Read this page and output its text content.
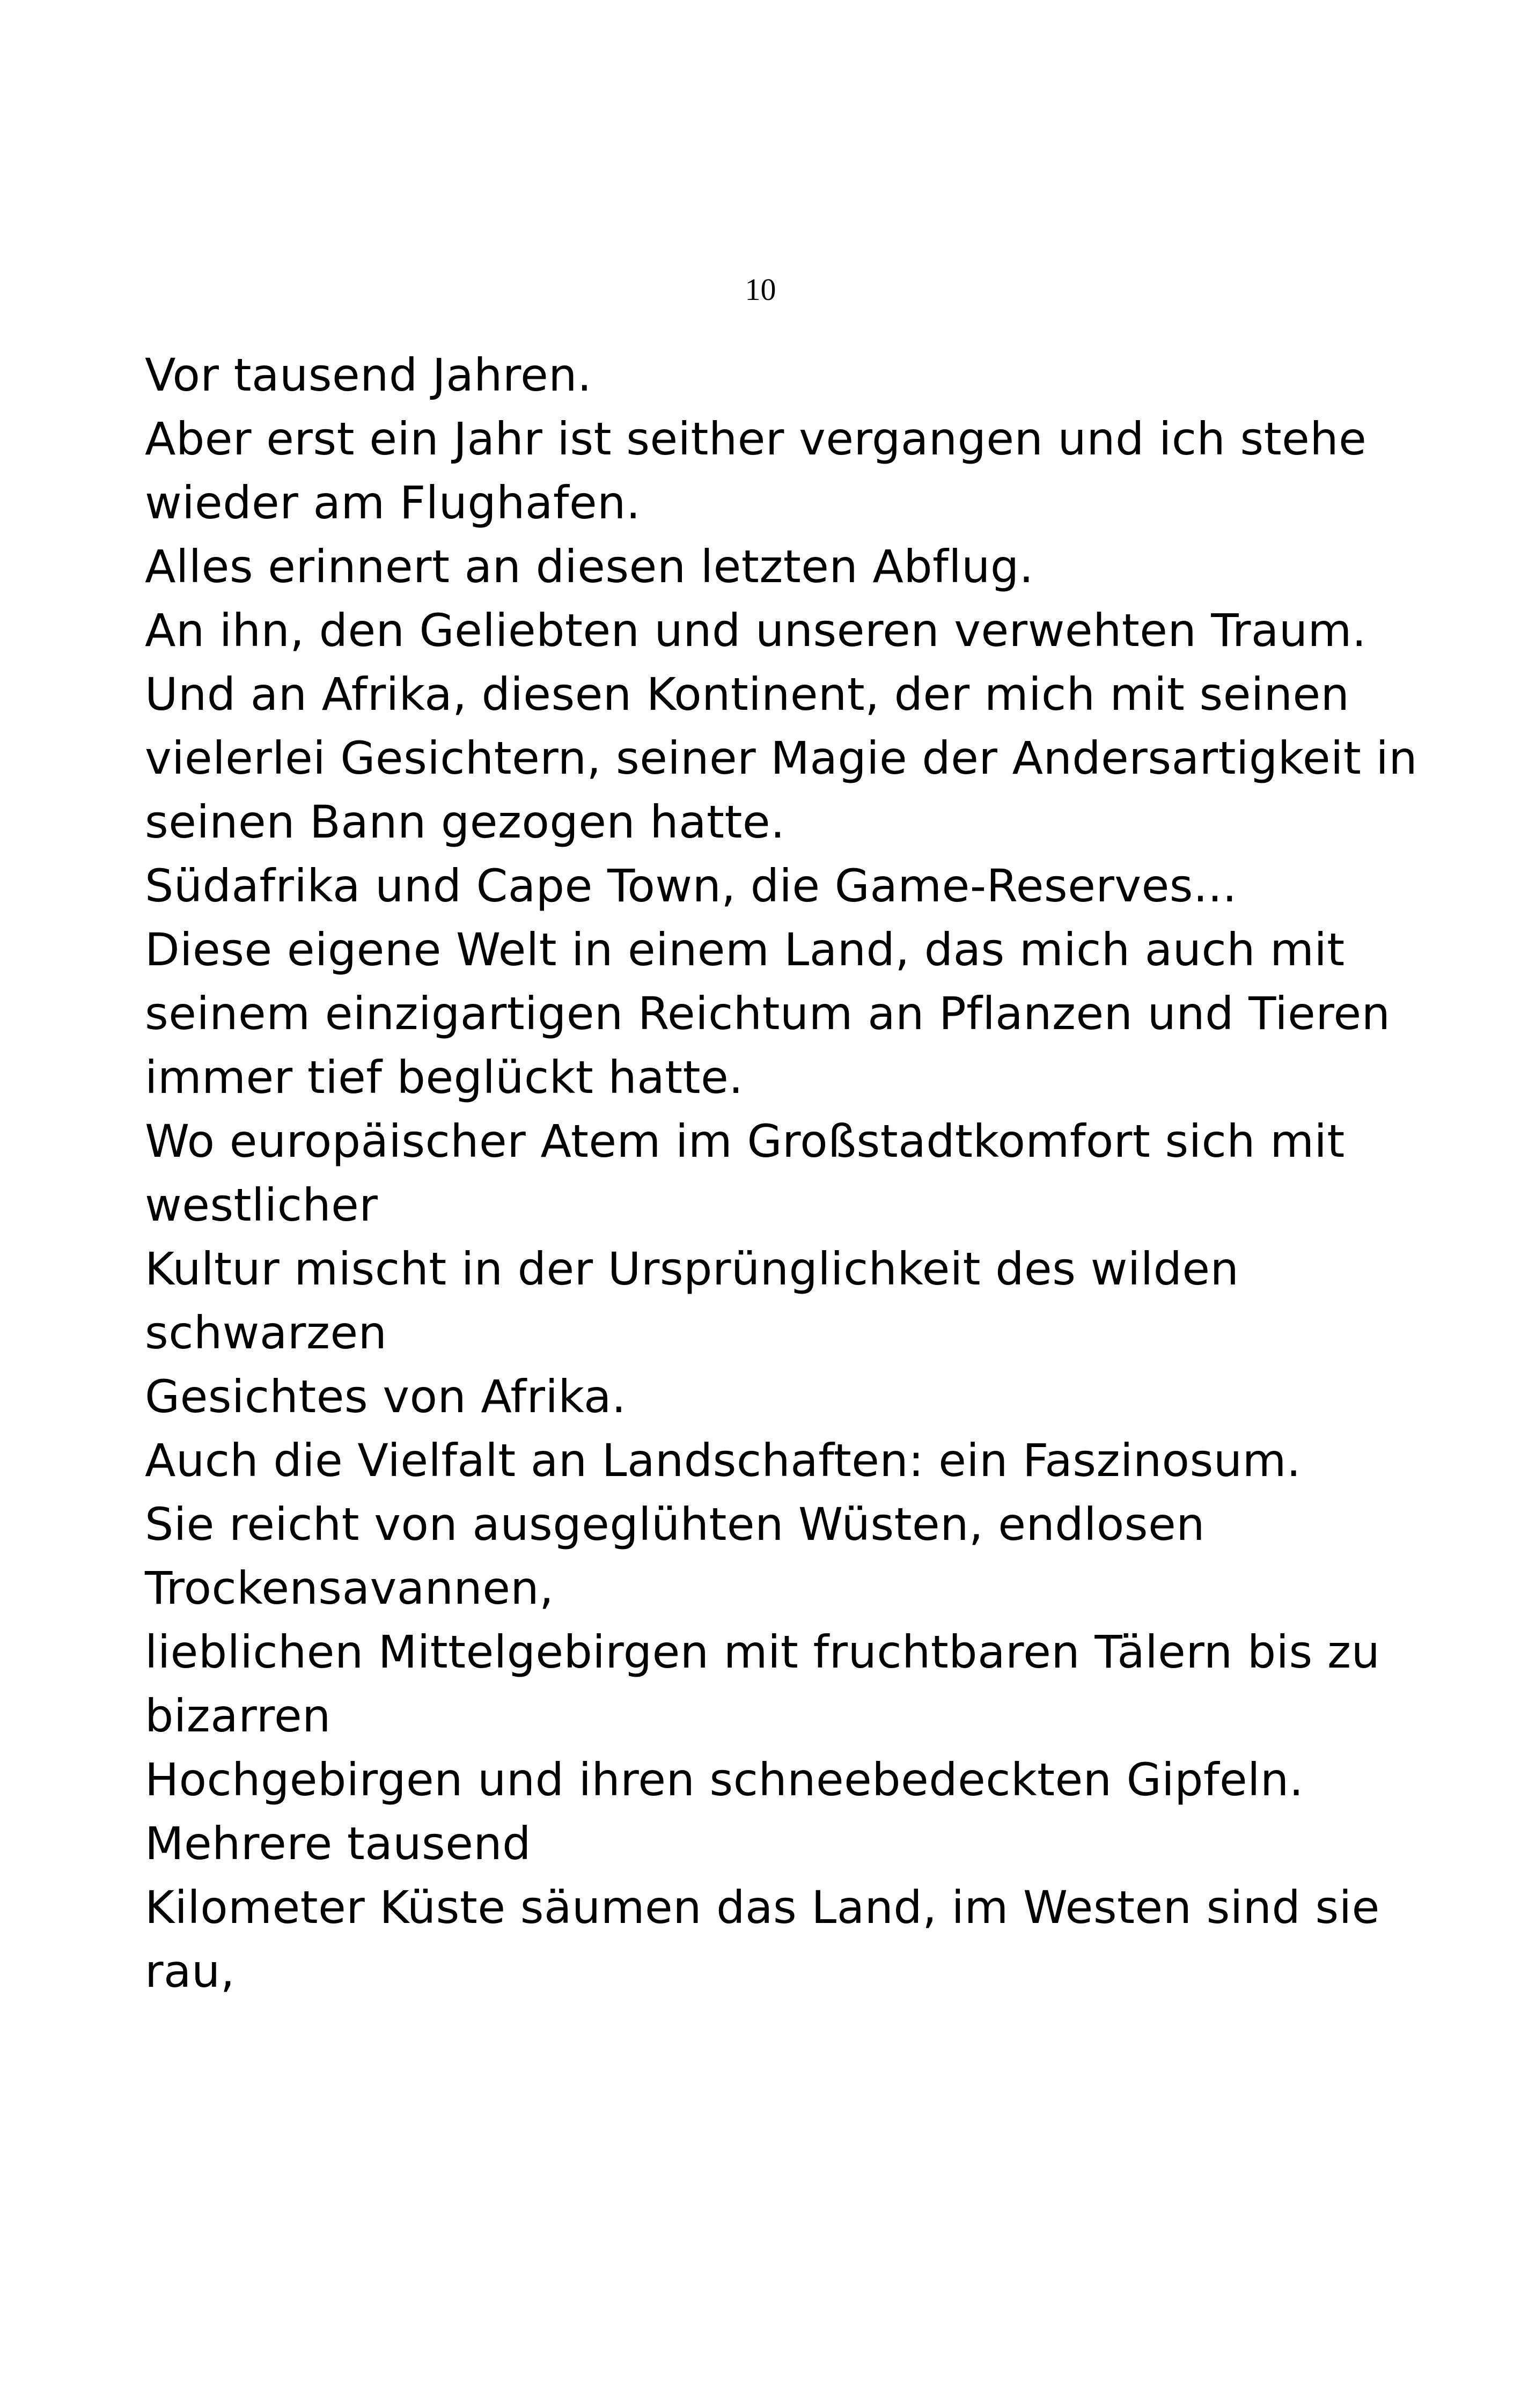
10
Vor tausend Jahren.
Aber erst ein Jahr ist seither vergangen und ich stehe
wieder am Flughafen.
Alles erinnert an diesen letzten Abflug.
An ihn, den Geliebten und unseren verwehten Traum.
Und an Afrika, diesen Kontinent, der mich mit seinen
vielerlei Gesichtern, seiner Magie der Andersartigkeit in
seinen Bann gezogen hatte.
Südafrika und Cape Town, die Game-Reserves...
Diese eigene Welt in einem Land, das mich auch mit
seinem einzigartigen Reichtum an Pflanzen und Tieren
immer tief beglückt hatte.
Wo europäischer Atem im Großstadtkomfort sich mit
westlicher
Kultur mischt in der Ursprünglichkeit des wilden
schwarzen
Gesichtes von Afrika.
Auch die Vielfalt an Landschaften: ein Faszinosum.
Sie reicht von ausgeglühten Wüsten, endlosen
Trockensavannen,
lieblichen Mittelgebirgen mit fruchtbaren Tälern bis zu
bizarren
Hochgebirgen und ihren schneebedeckten Gipfeln.
Mehrere tausend
Kilometer Küste säumen das Land, im Westen sind sie
rau,
